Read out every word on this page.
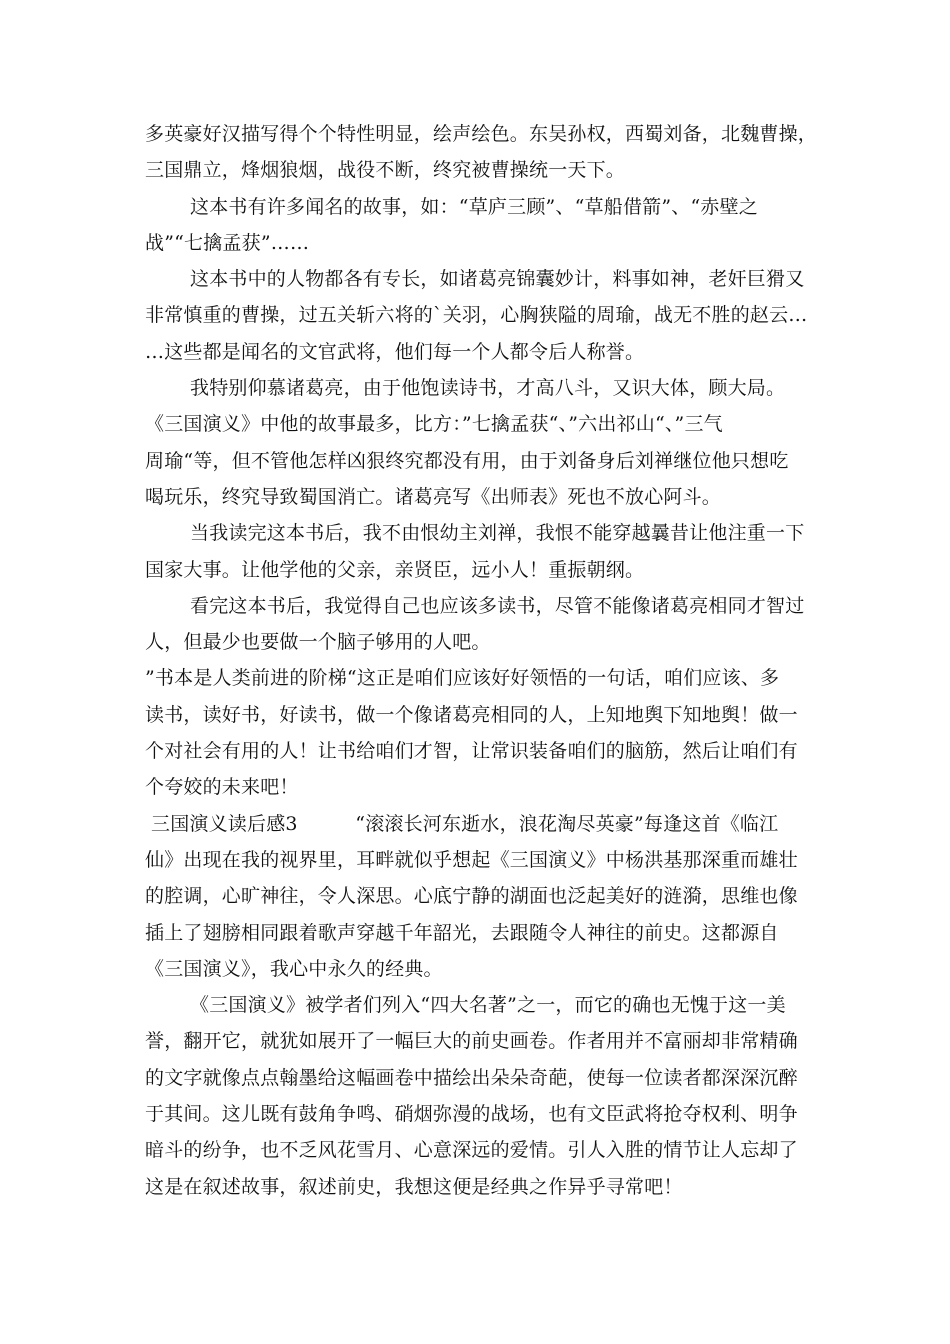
多英豪好汉描写得个个特性明显，绘声绘色。东吴孙权，西蜀刘备，北魏曹操，
三国鼎立，烽烟狼烟，战役不断，终究被曹操统一天下。
这本书有许多闻名的故事，如：“草庐三顾”、“草船借箭”、“赤壁之
战”“七擒孟获”……
这本书中的人物都各有专长，如诸葛亮锦囊妙计，料事如神，老奸巨猾又
非常慎重的曹操，过五关斩六将的`关羽，心胸狭隘的周瑜，战无不胜的赵云…
…这些都是闻名的文官武将，他们每一个人都令后人称誉。
我特别仰慕诸葛亮，由于他饱读诗书，才高八斗，又识大体，顾大局。
《三国演义》中他的故事最多，比方：”七擒孟获“、”六出祁山“、”三气
周瑜“等，但不管他怎样凶狠终究都没有用，由于刘备身后刘禅继位他只想吃
喝玩乐，终究导致蜀国消亡。诸葛亮写《出师表》死也不放心阿斗。
当我读完这本书后，我不由恨幼主刘禅，我恨不能穿越曩昔让他注重一下
国家大事。让他学他的父亲，亲贤臣，远小人！重振朝纲。
看完这本书后，我觉得自己也应该多读书，尽管不能像诸葛亮相同才智过
人，但最少也要做一个脑子够用的人吧。
”书本是人类前进的阶梯“这正是咱们应该好好领悟的一句话，咱们应该、多
读书，读好书，好读书，做一个像诸葛亮相同的人，上知地舆下知地舆！做一
个对社会有用的人！让书给咱们才智，让常识装备咱们的脑筋，然后让咱们有
个夸姣的未来吧！
三国演义读后感3　　　“滚滚长河东逝水，浪花淘尽英豪”每逢这首《临江
仙》出现在我的视界里，耳畔就似乎想起《三国演义》中杨洪基那深重而雄壮
的腔调，心旷神往，令人深思。心底宁静的湖面也泛起美好的涟漪，思维也像
插上了翅膀相同跟着歌声穿越千年韶光，去跟随令人神往的前史。这都源自
《三国演义》，我心中永久的经典。
《三国演义》被学者们列入“四大名著”之一，而它的确也无愧于这一美
誉，翻开它，就犹如展开了一幅巨大的前史画卷。作者用并不富丽却非常精确
的文字就像点点翰墨给这幅画卷中描绘出朵朵奇葩，使每一位读者都深深沉醉
于其间。这儿既有鼓角争鸣、硝烟弥漫的战场，也有文臣武将抢夺权利、明争
暗斗的纷争，也不乏风花雪月、心意深远的爱情。引人入胜的情节让人忘却了
这是在叙述故事，叙述前史，我想这便是经典之作异乎寻常吧！
